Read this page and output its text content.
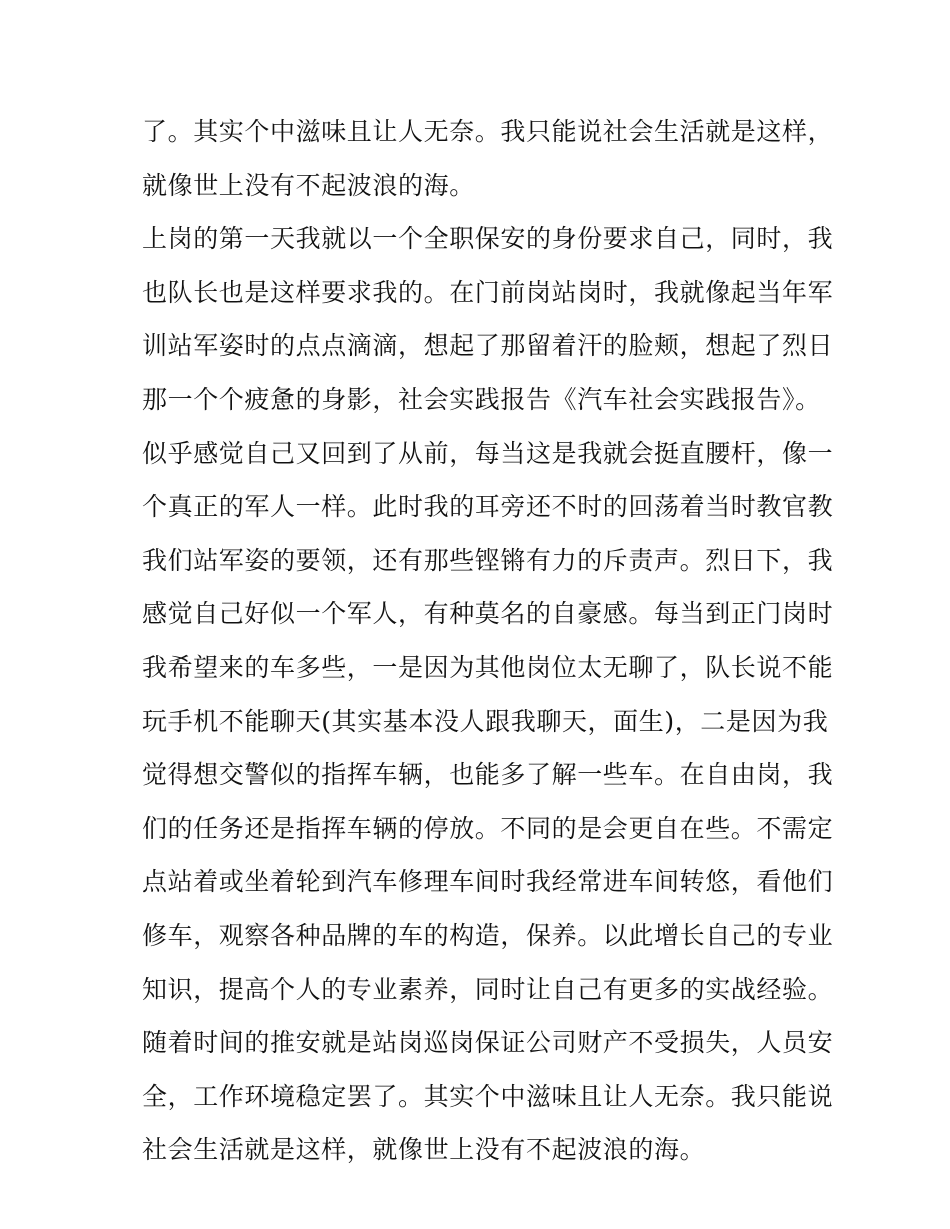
了。其实个中滋味且让人无奈。我只能说社会生活就是这样，
就像世上没有不起波浪的海。
上岗的第一天我就以一个全职保安的身份要求自己，同时，我
也队长也是这样要求我的。在门前岗站岗时，我就像起当年军
训站军姿时的点点滴滴，想起了那留着汗的脸颊，想起了烈日
那一个个疲惫的身影，社会实践报告《汽车社会实践报告》。
似乎感觉自己又回到了从前，每当这是我就会挺直腰杆，像一
个真正的军人一样。此时我的耳旁还不时的回荡着当时教官教
我们站军姿的要领，还有那些铿锵有力的斥责声。烈日下，我
感觉自己好似一个军人，有种莫名的自豪感。每当到正门岗时
我希望来的车多些，一是因为其他岗位太无聊了，队长说不能
玩手机不能聊天(其实基本没人跟我聊天，面生)，二是因为我
觉得想交警似的指挥车辆，也能多了解一些车。在自由岗，我
们的任务还是指挥车辆的停放。不同的是会更自在些。不需定
点站着或坐着轮到汽车修理车间时我经常进车间转悠，看他们
修车，观察各种品牌的车的构造，保养。以此增长自己的专业
知识，提高个人的专业素养，同时让自己有更多的实战经验。
随着时间的推安就是站岗巡岗保证公司财产不受损失，人员安
全，工作环境稳定罢了。其实个中滋味且让人无奈。我只能说
社会生活就是这样，就像世上没有不起波浪的海。
